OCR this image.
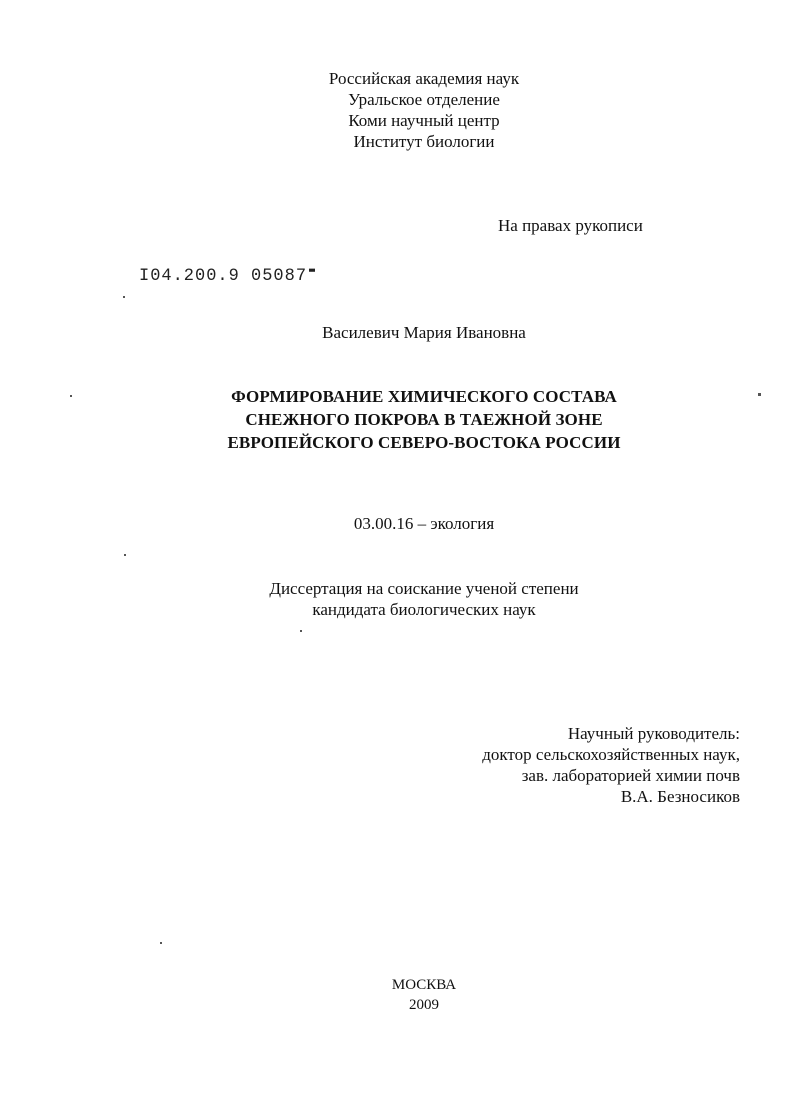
Российская академия наук
Уральское отделение
Коми научный центр
Институт биологии
На правах рукописи
I04.200.9 05087
Василевич Мария Ивановна
ФОРМИРОВАНИЕ ХИМИЧЕСКОГО СОСТАВА
СНЕЖНОГО ПОКРОВА В ТАЕЖНОЙ ЗОНЕ
ЕВРОПЕЙСКОГО СЕВЕРО-ВОСТОКА РОССИИ
03.00.16 – экология
Диссертация на соискание ученой степени
кандидата биологических наук
Научный руководитель:
доктор сельскохозяйственных наук,
зав. лабораторией химии почв
В.А. Безносиков
МОСКВА
2009
